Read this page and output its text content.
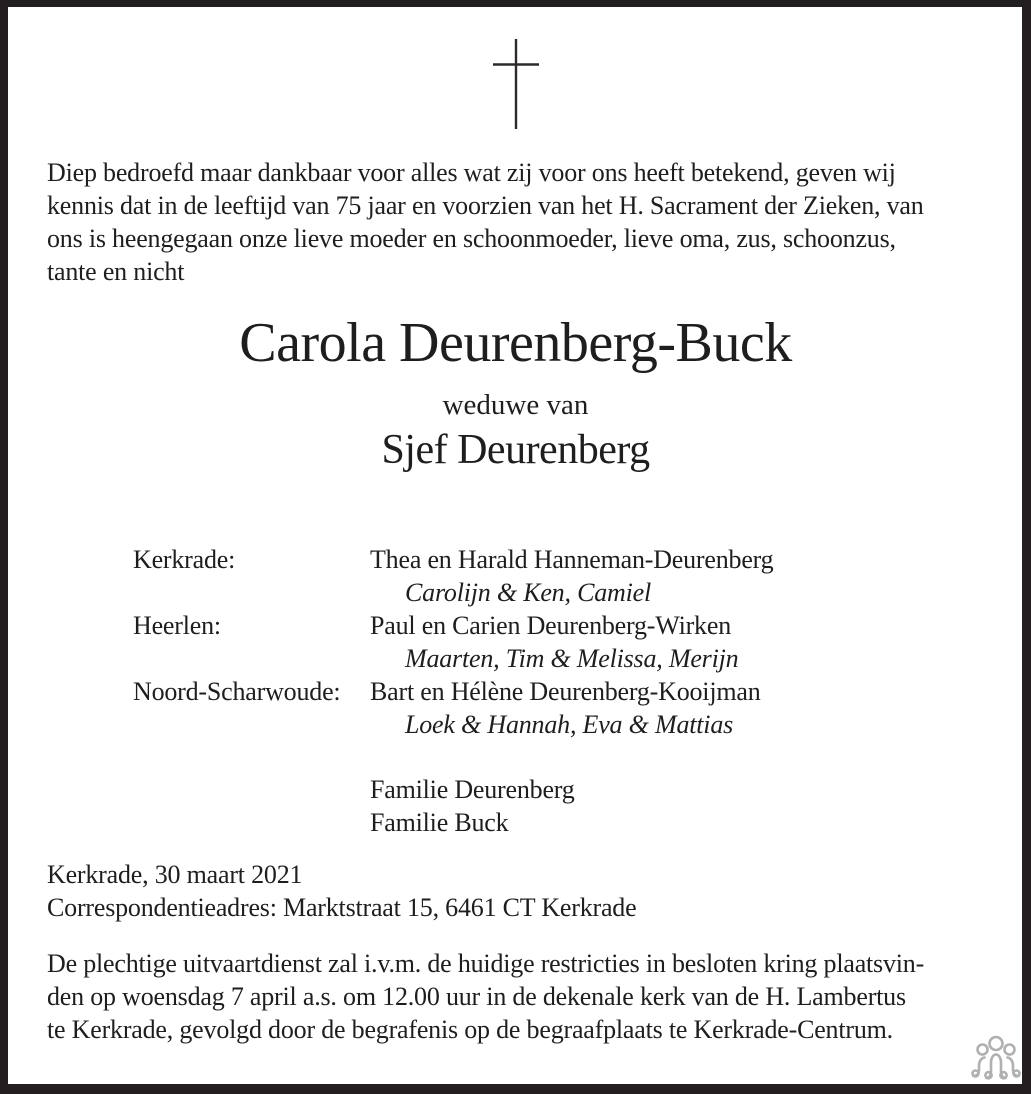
Diep bedroefd maar dankbaar voor alles wat zij voor ons heeft betekend, geven wij
kennis dat in de leeftijd van 75 jaar en voorzien van het H. Sacrament der Zieken, van
ons is heengegaan onze lieve moeder en schoonmoeder, lieve oma, zus, schoonzus,
tante en nicht
Carola Deurenberg-Buck
weduwe van
Sjef Deurenberg
Kerkrade:	Thea en Harald Hanneman-Deurenberg
Carolijn & Ken, Camiel
Heerlen:	Paul en Carien Deurenberg-Wirken
Maarten, Tim & Melissa, Merijn
Noord-Scharwoude: Bart en Hélène Deurenberg-Kooijman
Loek & Hannah, Eva & Mattias
Familie Deurenberg
Familie Buck
Kerkrade, 30 maart 2021
Correspondentieadres: Marktstraat 15, 6461 CT Kerkrade
De plechtige uitvaartdienst zal i.v.m. de huidige restricties in besloten kring plaatsvin-
den op woensdag 7 april a.s. om 12.00 uur in de dekenale kerk van de H. Lambertus
te Kerkrade, gevolgd door de begrafenis op de begraafplaats te Kerkrade-Centrum.
